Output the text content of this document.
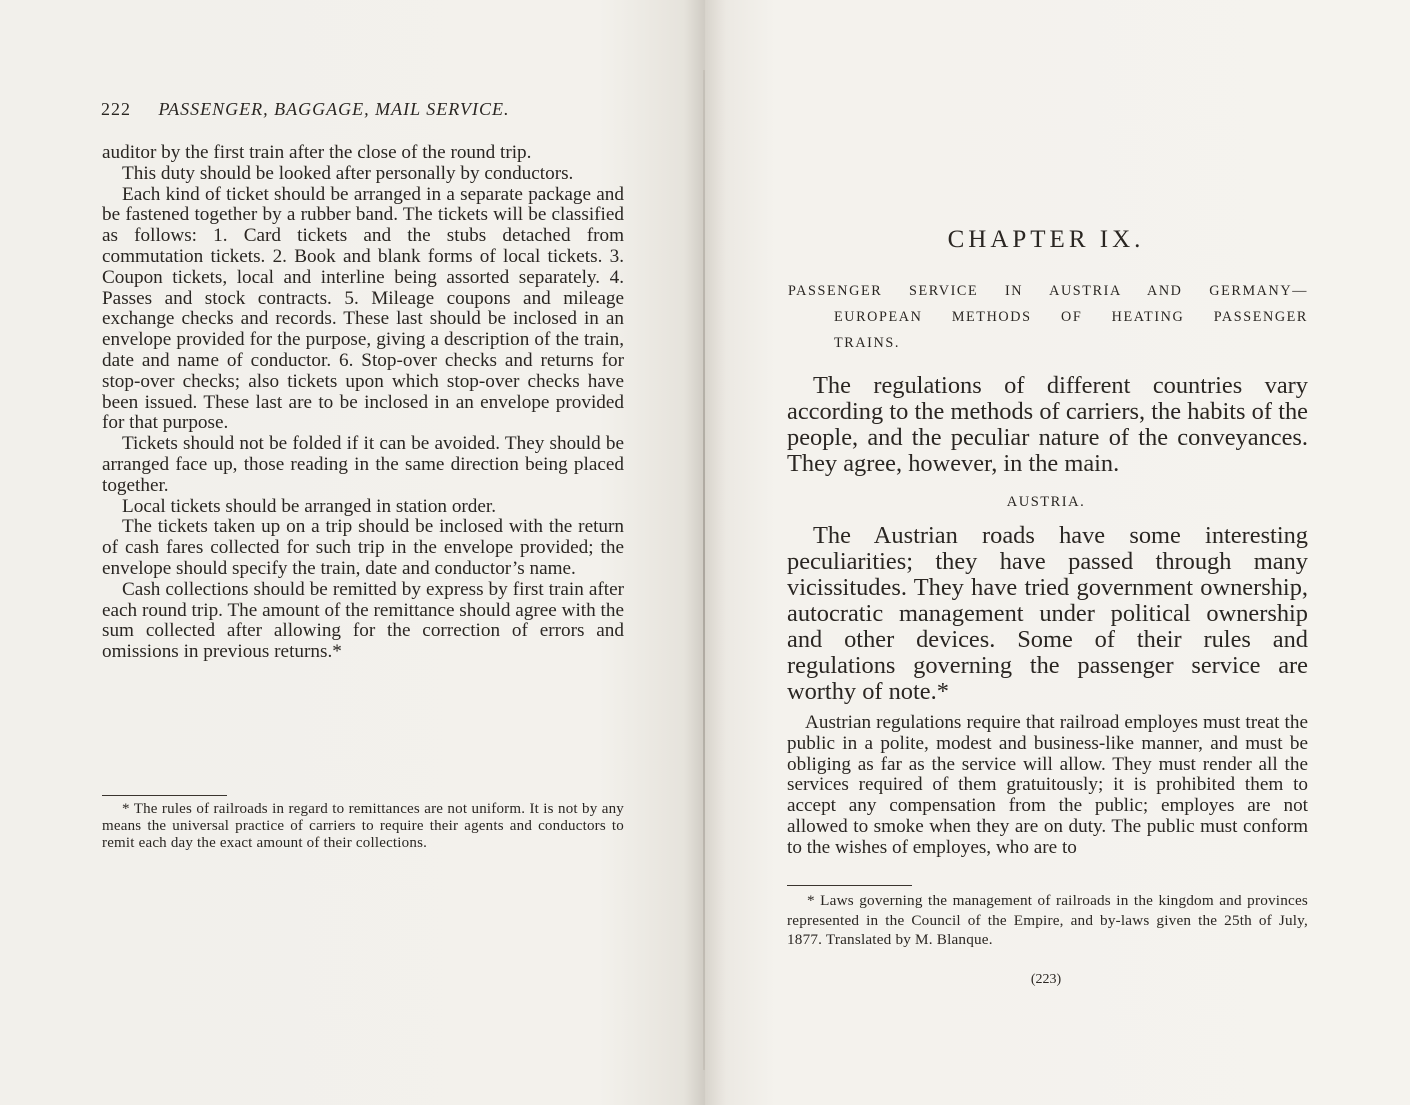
222 PASSENGER, BAGGAGE, MAIL SERVICE.

auditor by the first train after the close of the round trip.

This duty should be looked after personally by conductors.

Each kind of ticket should be arranged in a separate package and be fastened together by a rubber band. The tickets will be classified as follows: 1. Card tickets and the stubs detached from commutation tickets. 2. Book and blank forms of local tickets. 3. Coupon tickets, local and interline being assorted separately. 4. Passes and stock contracts. 5. Mileage coupons and mileage exchange checks and records. These last should be inclosed in an envelope provided for the purpose, giving a description of the train, date and name of conductor. 6. Stop-over checks and returns for stop-over checks; also tickets upon which stop-over checks have been issued. These last are to be inclosed in an envelope provided for that purpose.

Tickets should not be folded if it can be avoided. They should be arranged face up, those reading in the same direction being placed together.

Local tickets should be arranged in station order.

The tickets taken up on a trip should be inclosed with the return of cash fares collected for such trip in the envelope provided; the envelope should specify the train, date and conductor’s name.

Cash collections should be remitted by express by first train after each round trip. The amount of the remittance should agree with the sum collected after allowing for the correction of errors and omissions in previous returns.*

* The rules of railroads in regard to remittances are not uniform. It is not by any means the universal practice of carriers to require their agents and conductors to remit each day the exact amount of their collections.

CHAPTER IX.
PASSENGER SERVICE IN AUSTRIA AND GERMANY—
EUROPEAN METHODS OF HEATING PASSENGER
TRAINS.

The regulations of different countries vary according to the methods of carriers, the habits of the people, and the peculiar nature of the conveyances. They agree, however, in the main.

AUSTRIA.

The Austrian roads have some interesting peculiarities; they have passed through many vicissitudes. They have tried government ownership, autocratic management under political ownership and other devices. Some of their rules and regulations governing the passenger service are worthy of note.*

Austrian regulations require that railroad employes must treat the public in a polite, modest and business-like manner, and must be obliging as far as the service will allow. They must render all the services required of them gratuitously; it is prohibited them to accept any compensation from the public; employes are not allowed to smoke when they are on duty. The public must conform to the wishes of employes, who are to

* Laws governing the management of railroads in the kingdom and provinces represented in the Council of the Empire, and by-laws given the 25th of July, 1877. Translated by M. Blanque.

(223)
